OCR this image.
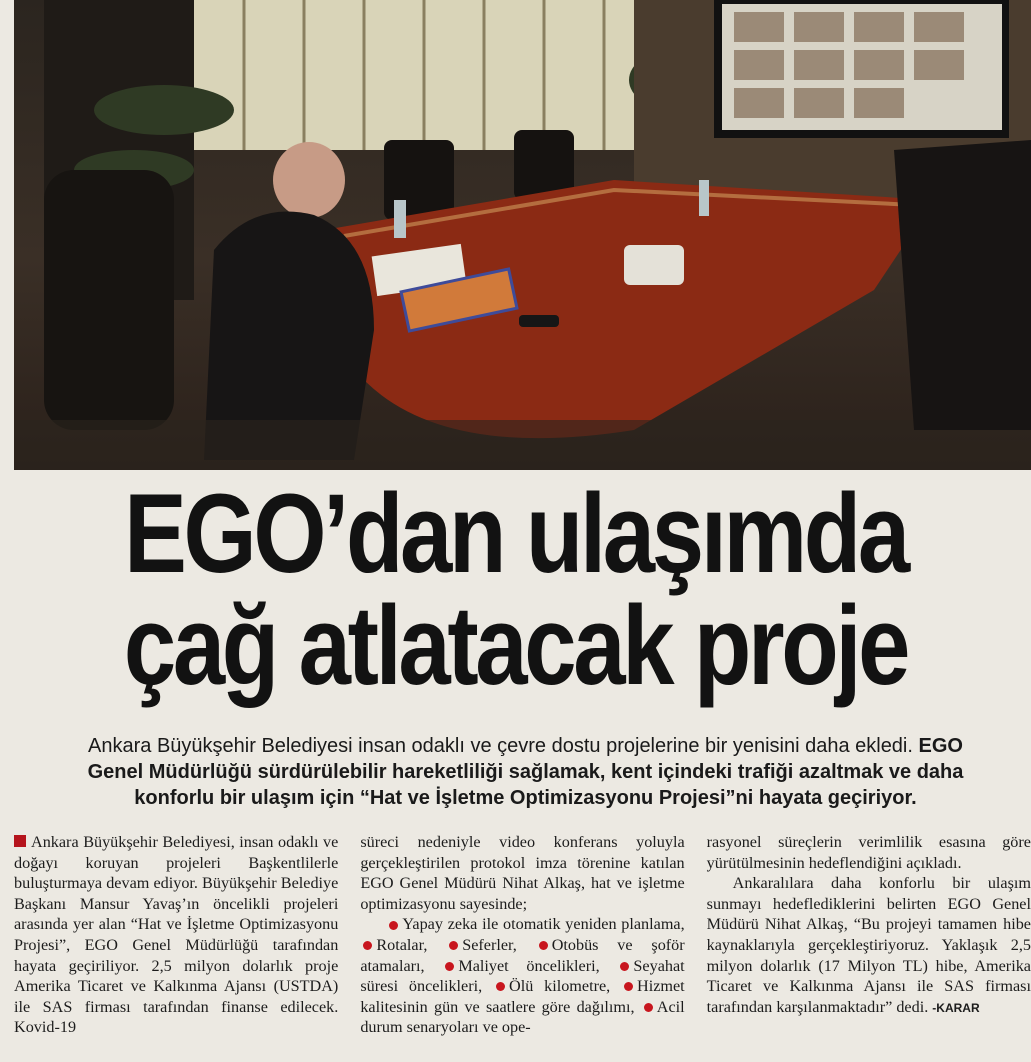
EGO’dan ulaşımda
çağ atlatacak proje
Ankara Büyükşehir Belediyesi insan odaklı ve çevre dostu projelerine bir yenisini daha ekledi. EGO Genel Müdürlüğü sürdürülebilir hareketliliği sağlamak, kent içindeki trafiği azaltmak ve daha konforlu bir ulaşım için “Hat ve İşletme Optimizasyonu Projesi”ni hayata geçiriyor.

Ankara Büyükşehir Belediyesi, insan odaklı ve doğayı koruyan projeleri Başkentlilerle buluşturmaya devam ediyor. Büyükşehir Belediye Başkanı Mansur Yavaş’ın öncelikli projeleri arasında yer alan “Hat ve İşletme Optimizasyonu Projesi”, EGO Genel Müdürlüğü tarafından hayata geçiriliyor. 2,5 milyon dolarlık proje Amerika Ticaret ve Kalkınma Ajansı (USTDA) ile SAS firması tarafından finanse edilecek. Kovid-19

süreci nedeniyle video konferans yoluyla gerçekleştirilen protokol imza törenine katılan EGO Genel Müdürü Nihat Alkaş, hat ve işletme optimizasyonu sayesinde;

Yapay zeka ile otomatik yeniden planlama, Rotalar, Seferler, Otobüs ve şoför atamaları, Maliyet öncelikleri, Seyahat süresi öncelikleri, Ölü kilometre, Hizmet kalitesinin gün ve saatlere göre dağılımı, Acil durum senaryoları ve ope-

rasyonel süreçlerin verimlilik esasına göre yürütülmesinin hedeflendiğini açıkladı.

Ankaralılara daha konforlu bir ulaşım sunmayı hedeflediklerini belirten EGO Genel Müdürü Nihat Alkaş, “Bu projeyi tamamen hibe kaynaklarıyla gerçekleştiriyoruz. Yaklaşık 2,5 milyon dolarlık (17 Milyon TL) hibe, Amerika Ticaret ve Kalkınma Ajansı ile SAS firması tarafından karşılanmaktadır” dedi. -KARAR
